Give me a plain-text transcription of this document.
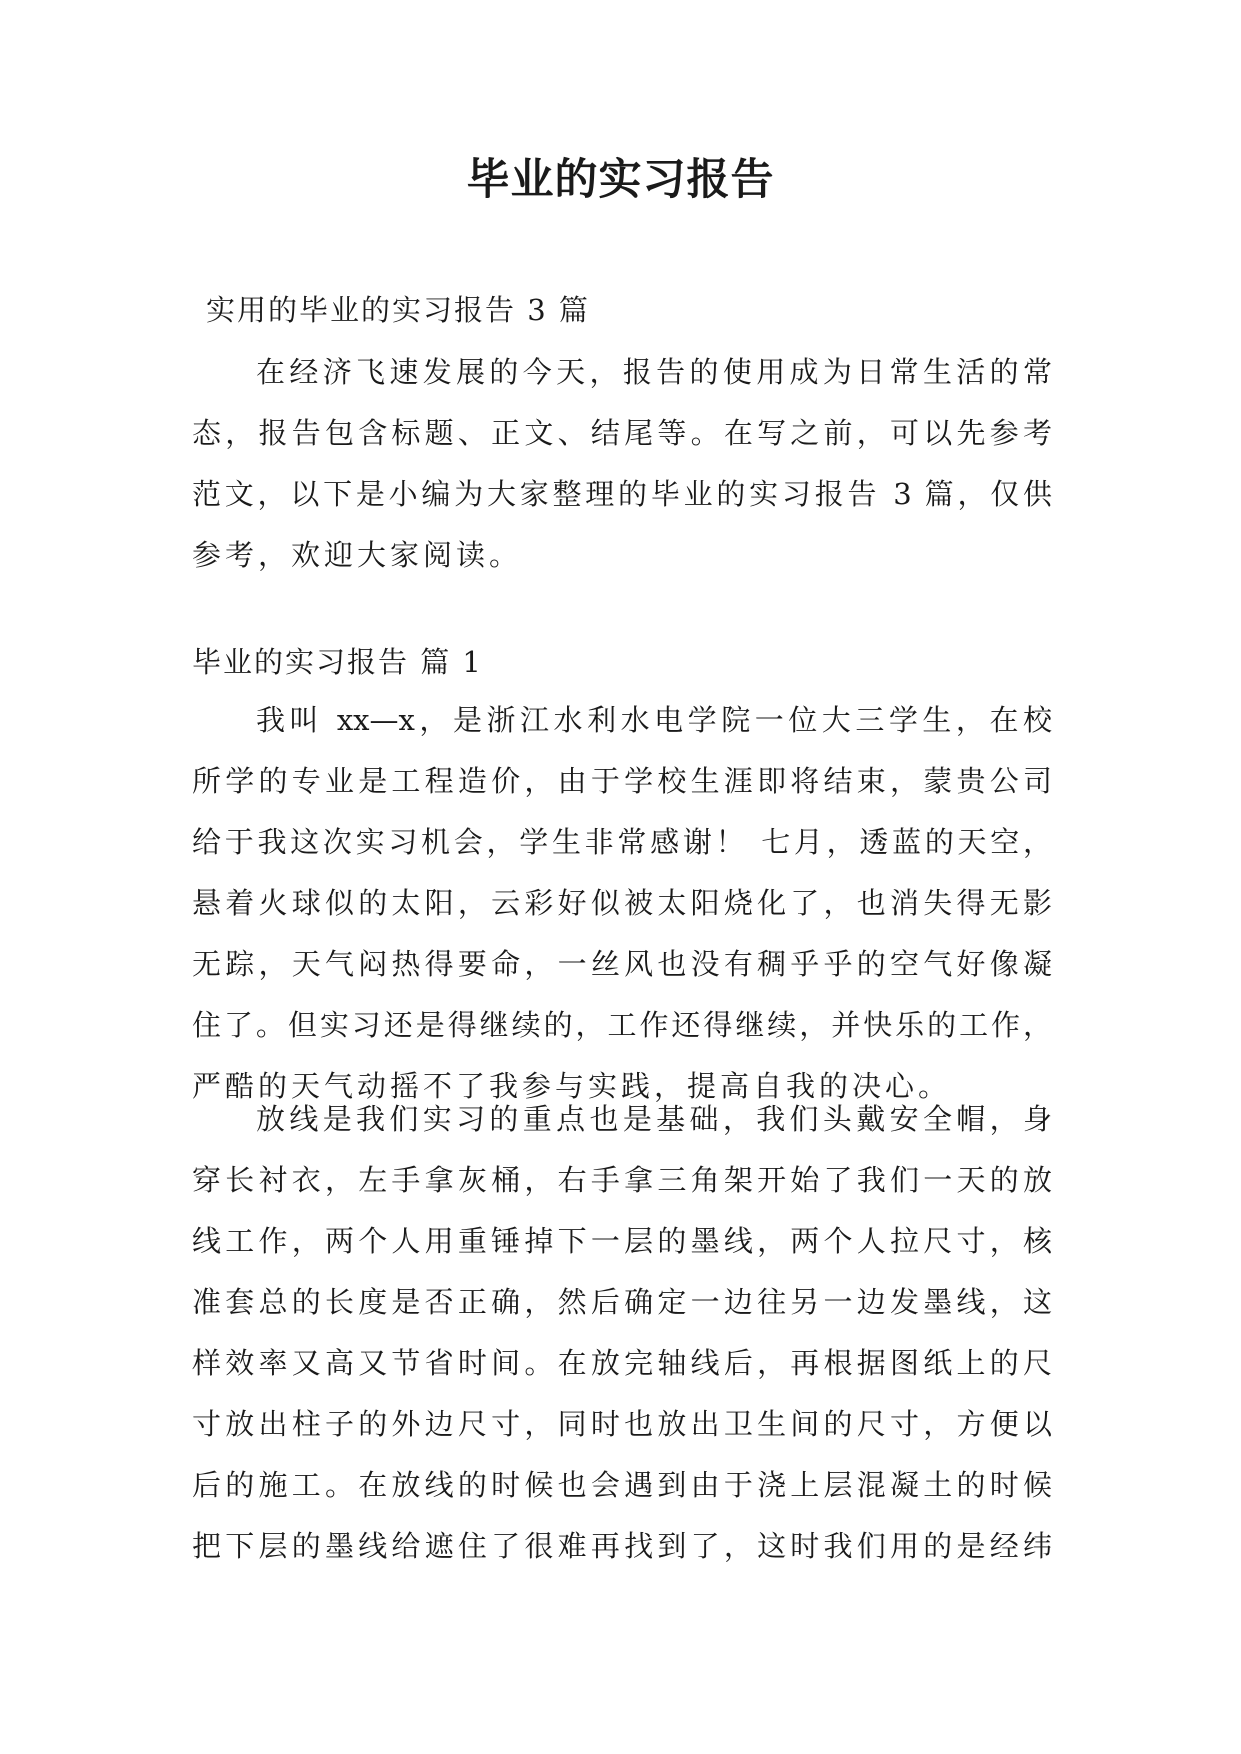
毕业的实习报告

实用的毕业的实习报告 3 篇

在经济飞速发展的今天，报告的使用成为日常生活的常
态，报告包含标题、正文、结尾等。在写之前，可以先参考
范文，以下是小编为大家整理的毕业的实习报告 3 篇，仅供
参考，欢迎大家阅读。

毕业的实习报告 篇 1

我叫 xx—x，是浙江水利水电学院一位大三学生，在校
所学的专业是工程造价，由于学校生涯即将结束，蒙贵公司
给于我这次实习机会，学生非常感谢！ 七月，透蓝的天空，
悬着火球似的太阳，云彩好似被太阳烧化了，也消失得无影
无踪，天气闷热得要命，一丝风也没有稠乎乎的空气好像凝
住了。但实习还是得继续的，工作还得继续，并快乐的工作，
严酷的天气动摇不了我参与实践，提高自我的决心。
放线是我们实习的重点也是基础，我们头戴安全帽，身
穿长衬衣，左手拿灰桶，右手拿三角架开始了我们一天的放
线工作，两个人用重锤掉下一层的墨线，两个人拉尺寸，核
准套总的长度是否正确，然后确定一边往另一边发墨线，这
样效率又高又节省时间。在放完轴线后，再根据图纸上的尺
寸放出柱子的外边尺寸，同时也放出卫生间的尺寸，方便以
后的施工。在放线的时候也会遇到由于浇上层混凝土的时候
把下层的墨线给遮住了很难再找到了，这时我们用的是经纬
